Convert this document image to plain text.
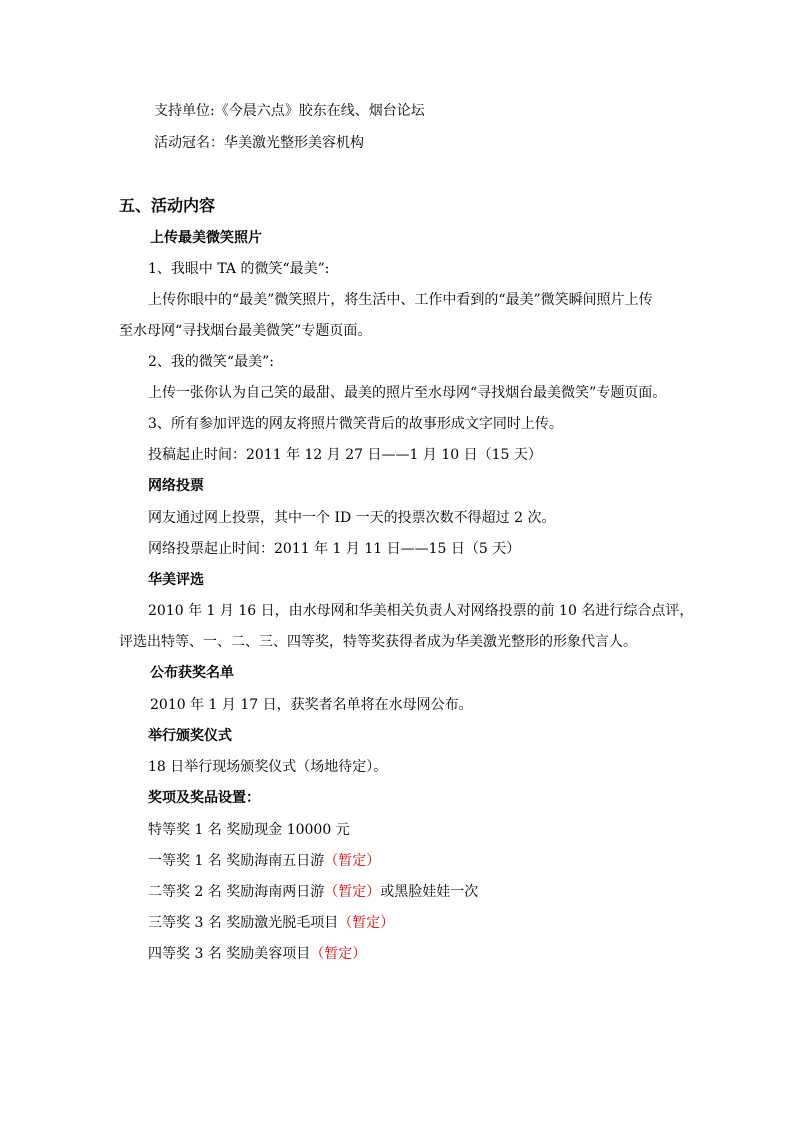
支持单位:《今晨六点》胶东在线、烟台论坛
活动冠名：华美激光整形美容机构
五、活动内容
上传最美微笑照片
1、我眼中 TA 的微笑“最美”:
上传你眼中的“最美”微笑照片，将生活中、工作中看到的“最美”微笑瞬间照片上传
至水母网“寻找烟台最美微笑”专题页面。
2、我的微笑“最美”:
上传一张你认为自己笑的最甜、最美的照片至水母网“寻找烟台最美微笑”专题页面。
3、所有参加评选的网友将照片微笑背后的故事形成文字同时上传。
投稿起止时间：2011 年 12 月 27 日——1 月 10 日（15 天）
网络投票
网友通过网上投票，其中一个 ID 一天的投票次数不得超过 2 次。
网络投票起止时间：2011 年 1 月 11 日——15 日（5 天）
华美评选
2010 年 1 月 16 日，由水母网和华美相关负责人对网络投票的前 10 名进行综合点评，
评选出特等、一、二、三、四等奖，特等奖获得者成为华美激光整形的形象代言人。
公布获奖名单
2010 年 1 月 17 日，获奖者名单将在水母网公布。
举行颁奖仪式
18 日举行现场颁奖仪式（场地待定）。
奖项及奖品设置：
特等奖 1 名 奖励现金 10000 元
一等奖 1 名 奖励海南五日游（暂定）
二等奖 2 名 奖励海南两日游（暂定）或黑脸娃娃一次
三等奖 3 名 奖励激光脱毛项目（暂定）
四等奖 3 名 奖励美容项目（暂定）
